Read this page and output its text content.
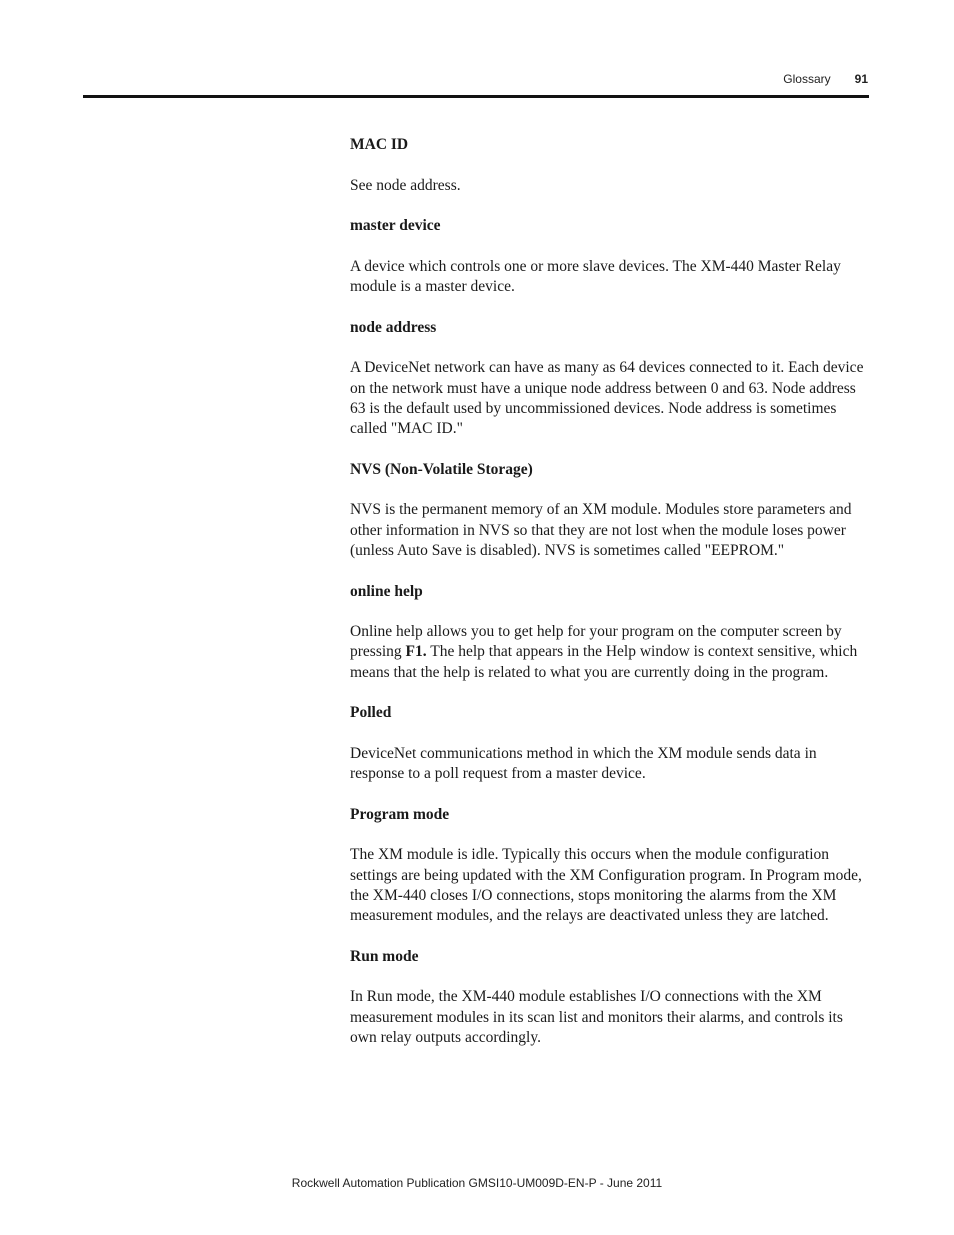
Glossary 91

MAC ID

See node address.

master device

A device which controls one or more slave devices. The XM-440 Master Relay module is a master device.

node address

A DeviceNet network can have as many as 64 devices connected to it. Each device on the network must have a unique node address between 0 and 63. Node address 63 is the default used by uncommissioned devices. Node address is sometimes called "MAC ID."

NVS (Non-Volatile Storage)

NVS is the permanent memory of an XM module. Modules store parameters and other information in NVS so that they are not lost when the module loses power (unless Auto Save is disabled). NVS is sometimes called "EEPROM."

online help

Online help allows you to get help for your program on the computer screen by pressing F1. The help that appears in the Help window is context sensitive, which means that the help is related to what you are currently doing in the program.

Polled

DeviceNet communications method in which the XM module sends data in response to a poll request from a master device.

Program mode

The XM module is idle. Typically this occurs when the module configuration settings are being updated with the XM Configuration program. In Program mode, the XM-440 closes I/O connections, stops monitoring the alarms from the XM measurement modules, and the relays are deactivated unless they are latched.

Run mode

In Run mode, the XM-440 module establishes I/O connections with the XM measurement modules in its scan list and monitors their alarms, and controls its own relay outputs accordingly.

Rockwell Automation Publication GMSI10-UM009D-EN-P - June 2011
